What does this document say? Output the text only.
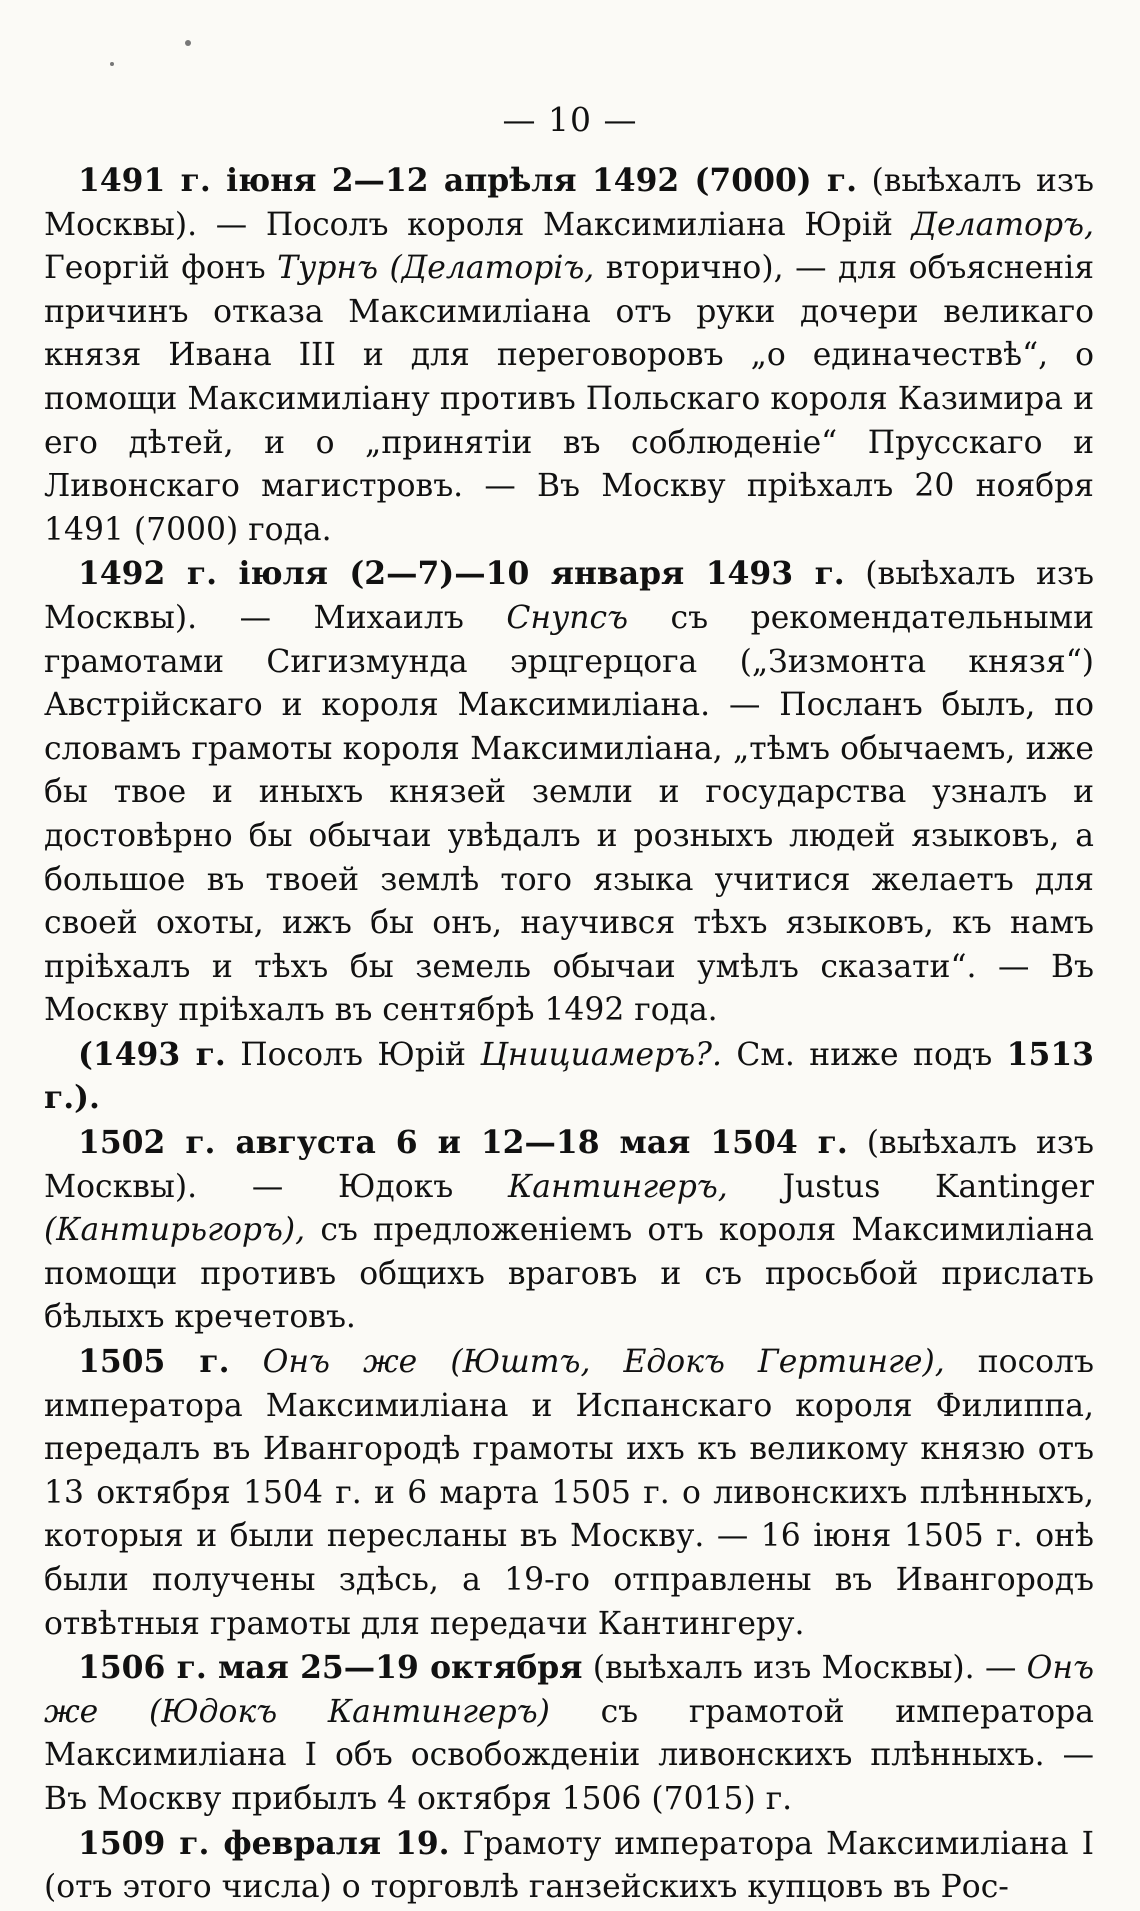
— 10 —

1491 г. іюня 2—12 апрѣля 1492 (7000) г. (выѣхалъ изъ Москвы). — Посолъ короля Максимиліана Юрій Делаторъ, Георгій фонъ Турнъ (Делаторіъ, вторично), — для объясненія причинъ отказа Максимиліана отъ руки дочери великаго князя Ивана III и для переговоровъ „о единачествѣ“, о помощи Максимиліану противъ Польскаго короля Казимира и его дѣтей, и о „принятіи въ соблюденіе“ Прусскаго и Ливонскаго магистровъ. — Въ Москву пріѣхалъ 20 ноября 1491 (7000) года.

1492 г. іюля (2—7)—10 января 1493 г. (выѣхалъ изъ Москвы). — Михаилъ Снупсъ съ рекомендательными грамотами Сигизмунда эрцгерцога („Зизмонта князя“) Австрійскаго и короля Максимиліана. — Посланъ былъ, по словамъ грамоты короля Максимиліана, „тѣмъ обычаемъ, иже бы твое и иныхъ князей земли и государства узналъ и достовѣрно бы обычаи увѣдалъ и розныхъ людей языковъ, а большое въ твоей землѣ того языка учитися желаетъ для своей охоты, ижъ бы онъ, научився тѣхъ языковъ, къ намъ пріѣхалъ и тѣхъ бы земель обычаи умѣлъ сказати“. — Въ Москву пріѣхалъ въ сентябрѣ 1492 года.

(1493 г. Посолъ Юрій Цнициамеръ?. См. ниже подъ 1513 г.).

1502 г. августа 6 и 12—18 мая 1504 г. (выѣхалъ изъ Москвы). — Юдокъ Кантингеръ, Justus Kantinger (Кантирьгоръ), съ предложеніемъ отъ короля Максимиліана помощи противъ общихъ враговъ и съ просьбой прислать бѣлыхъ кречетовъ.

1505 г. Онъ же (Юштъ, Едокъ Гертинге), посолъ императора Максимиліана и Испанскаго короля Филиппа, передалъ въ Ивангородѣ грамоты ихъ къ великому князю отъ 13 октября 1504 г. и 6 марта 1505 г. о ливонскихъ плѣнныхъ, которыя и были пересланы въ Москву. — 16 іюня 1505 г. онѣ были получены здѣсь, а 19-го отправлены въ Ивангородъ отвѣтныя грамоты для передачи Кантингеру.

1506 г. мая 25—19 октября (выѣхалъ изъ Москвы). — Онъ же (Юдокъ Кантингеръ) съ грамотой императора Максимиліана I объ освобожденіи ливонскихъ плѣнныхъ. — Въ Москву прибылъ 4 октября 1506 (7015) г.

1509 г. февраля 19. Грамоту императора Максимиліана I (отъ этого числа) о торговлѣ ганзейскихъ купцовъ въ Рос-
